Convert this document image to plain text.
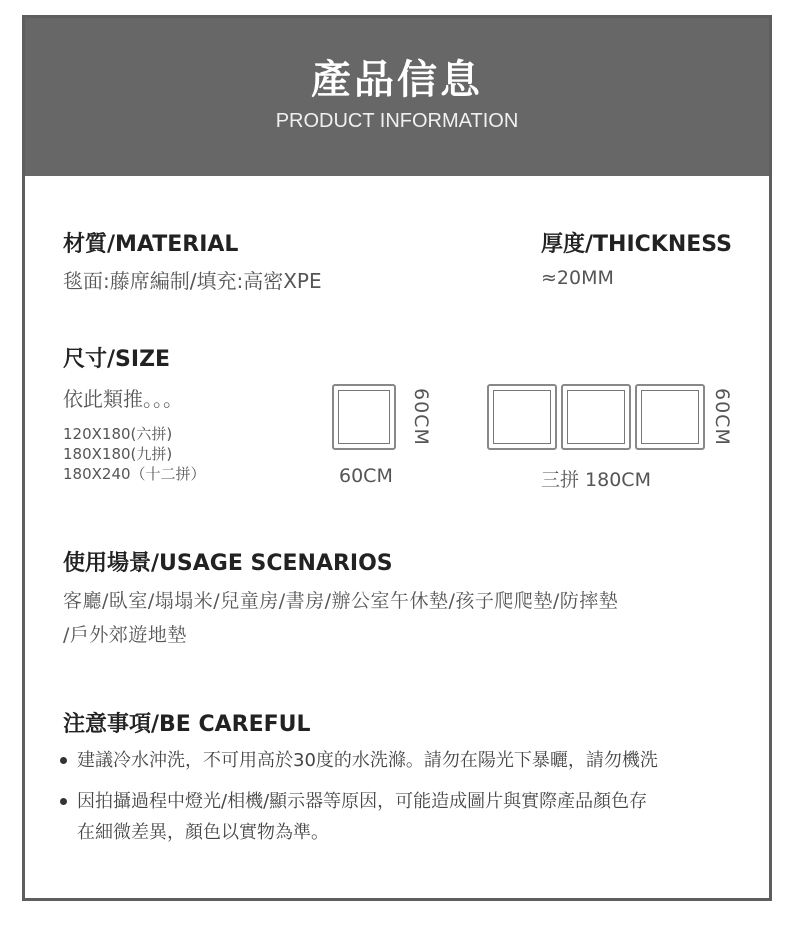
產品信息
PRODUCT INFORMATION
材質/MATERIAL
毯面:藤席編制/填充:高密XPE
厚度/THICKNESS
≈20MM
尺寸/SIZE
依此類推。。。
120X180(六拼)
180X180(九拼)
180X240（十二拼）
60CM
60CM
60CM
三拼 180CM
使用場景/USAGE SCENARIOS
客廳/臥室/塌塌米/兒童房/書房/辦公室午休墊/孩子爬爬墊/防摔墊
/戶外郊遊地墊
注意事項/BE CAREFUL
建議冷水沖洗，不可用高於30度的水洗滌。請勿在陽光下暴曬，請勿機洗
因拍攝過程中燈光/相機/顯示器等原因，可能造成圖片與實際產品顏色存
在細微差異，顏色以實物為準。
